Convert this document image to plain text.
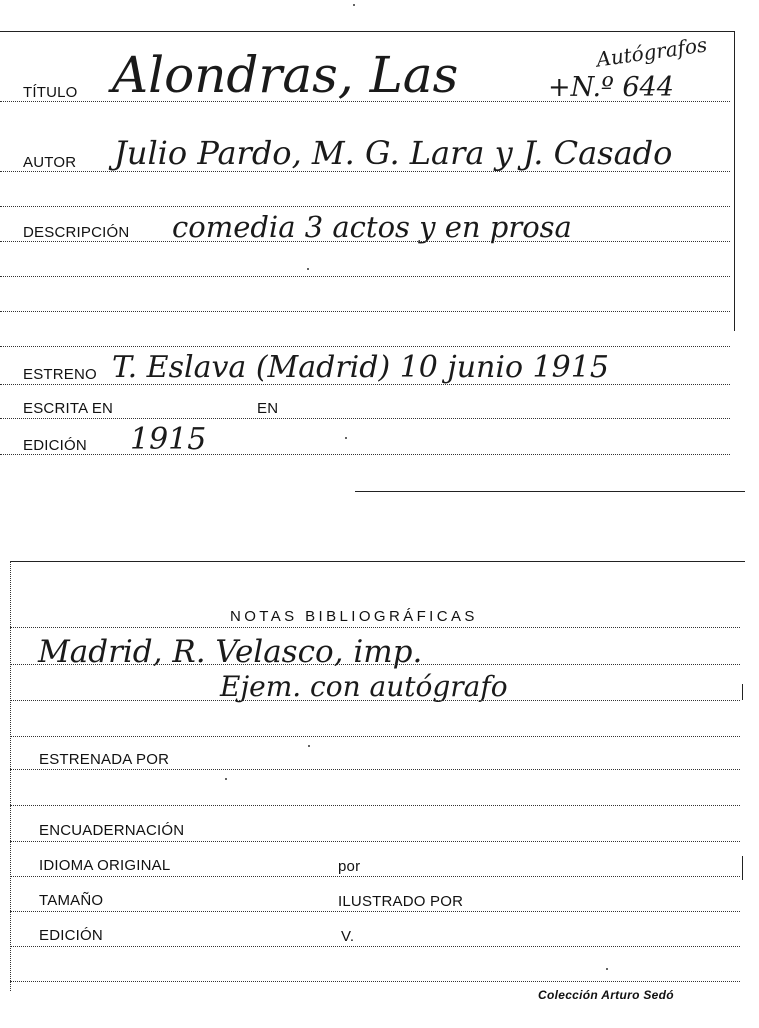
Autógrafos
TÍTULO Alondras, Las	+N.º 644
AUTOR Julio Pardo, M. G. Lara y J. Casado
DESCRIPCIÓN comedia 3 actos y en prosa
ESTRENO T. Eslava (Madrid) 10 junio 1915
ESCRITA EN	EN
EDICIÓN 1915
NOTAS BIBLIOGRÁFICAS
Madrid, R. Velasco, imp.
Ejem. con autógrafo
ESTRENADA POR
ENCUADERNACIÓN
IDIOMA ORIGINAL	por
TAMAÑO	ILUSTRADO POR
EDICIÓN	V.
Colección Arturo Sedó
